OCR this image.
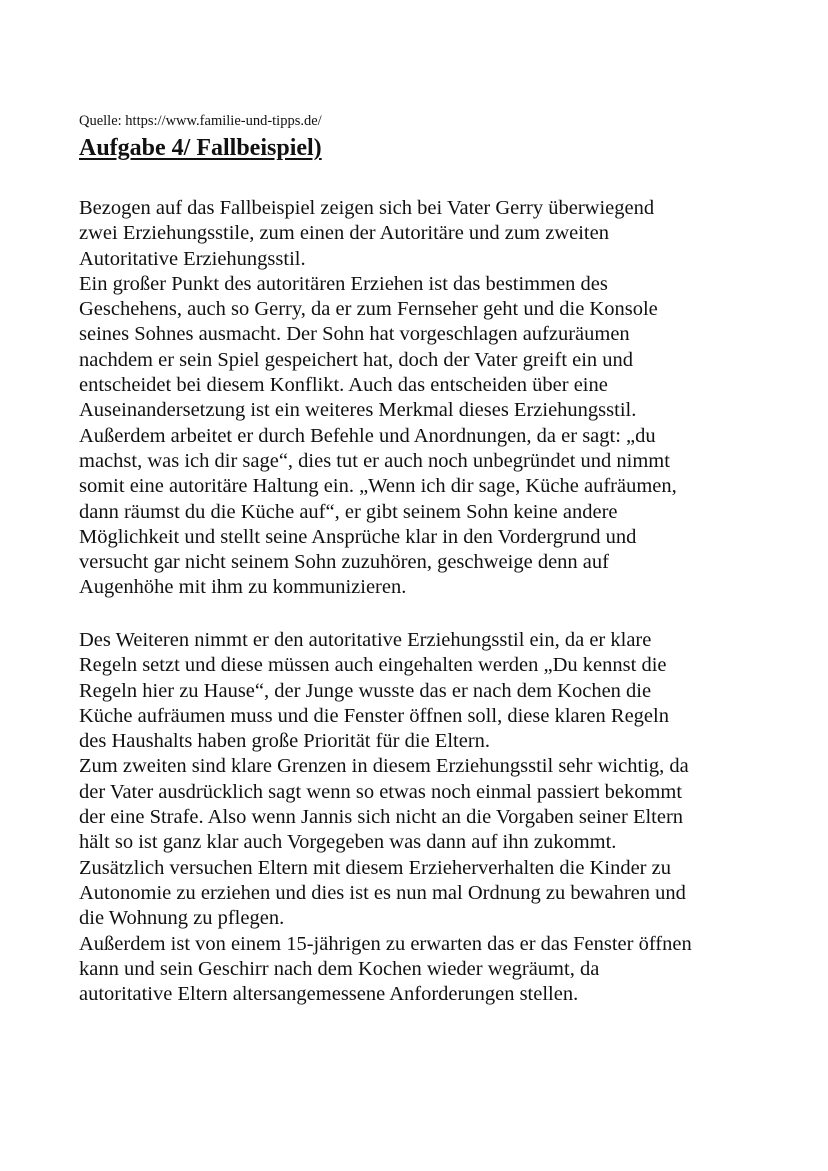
Quelle: https://www.familie-und-tipps.de/
Aufgabe 4/ Fallbeispiel)
Bezogen auf das Fallbeispiel zeigen sich bei Vater Gerry überwiegend
zwei Erziehungsstile, zum einen der Autoritäre und zum zweiten
Autoritative Erziehungsstil.
Ein großer Punkt des autoritären Erziehen ist das bestimmen des
Geschehens, auch so Gerry, da er zum Fernseher geht und die Konsole
seines Sohnes ausmacht. Der Sohn hat vorgeschlagen aufzuräumen
nachdem er sein Spiel gespeichert hat, doch der Vater greift ein und
entscheidet bei diesem Konflikt. Auch das entscheiden über eine
Auseinandersetzung ist ein weiteres Merkmal dieses Erziehungsstil.
Außerdem arbeitet er durch Befehle und Anordnungen, da er sagt: „du
machst, was ich dir sage“, dies tut er auch noch unbegründet und nimmt
somit eine autoritäre Haltung ein. „Wenn ich dir sage, Küche aufräumen,
dann räumst du die Küche auf“, er gibt seinem Sohn keine andere
Möglichkeit und stellt seine Ansprüche klar in den Vordergrund und
versucht gar nicht seinem Sohn zuzuhören, geschweige denn auf
Augenhöhe mit ihm zu kommunizieren.
Des Weiteren nimmt er den autoritative Erziehungsstil ein, da er klare
Regeln setzt und diese müssen auch eingehalten werden „Du kennst die
Regeln hier zu Hause“, der Junge wusste das er nach dem Kochen die
Küche aufräumen muss und die Fenster öffnen soll, diese klaren Regeln
des Haushalts haben große Priorität für die Eltern.
Zum zweiten sind klare Grenzen in diesem Erziehungsstil sehr wichtig, da
der Vater ausdrücklich sagt wenn so etwas noch einmal passiert bekommt
der eine Strafe. Also wenn Jannis sich nicht an die Vorgaben seiner Eltern
hält so ist ganz klar auch Vorgegeben was dann auf ihn zukommt.
Zusätzlich versuchen Eltern mit diesem Erzieherverhalten die Kinder zu
Autonomie zu erziehen und dies ist es nun mal Ordnung zu bewahren und
die Wohnung zu pflegen.
Außerdem ist von einem 15-jährigen zu erwarten das er das Fenster öffnen
kann und sein Geschirr nach dem Kochen wieder wegräumt, da
autoritative Eltern altersangemessene Anforderungen stellen.
